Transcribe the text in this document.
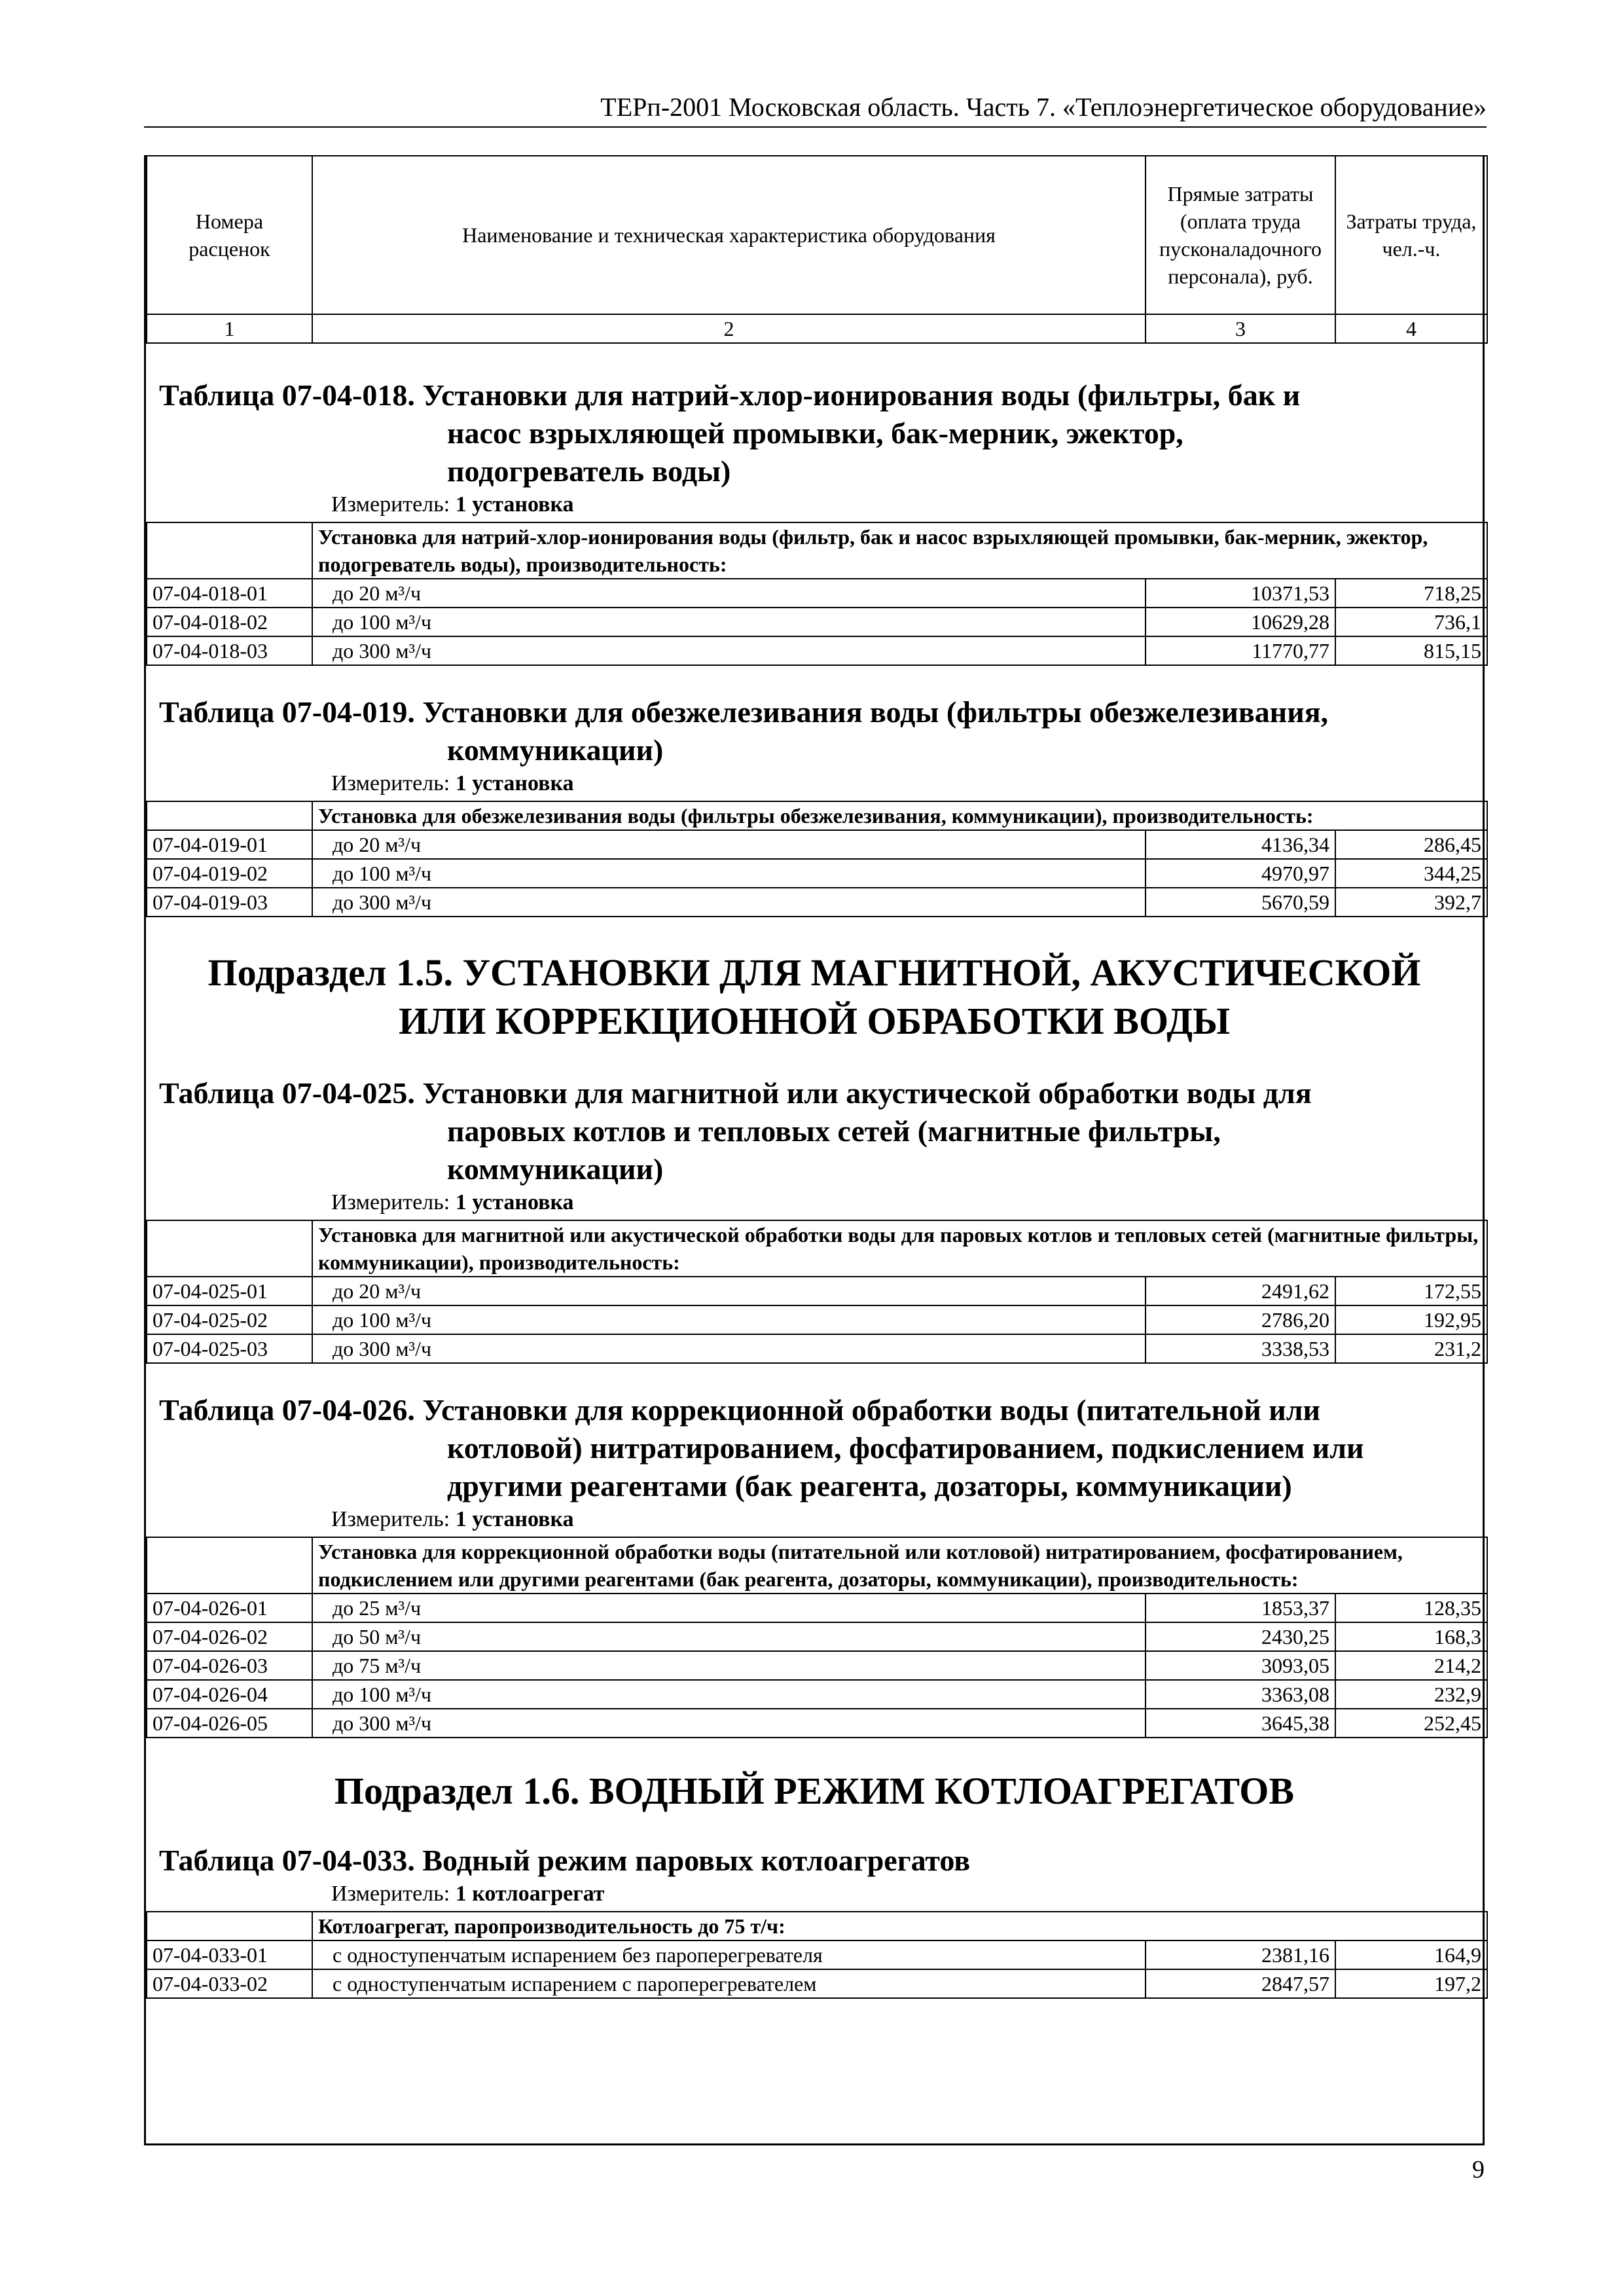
ТЕРп-2001 Московская область. Часть 7. «Теплоэнергетическое оборудование»
Номера расценок	Наименование и техническая характеристика оборудования	Прямые затраты (оплата труда пусконаладочного персонала), руб.	Затраты труда, чел.-ч.
1	2	3	4
Таблица 07-04-018. Установки для натрий-хлор-ионирования воды (фильтры, бак и
насос взрыхляющей промывки, бак-мерник, эжектор,
подогреватель воды)
Измеритель: 1 установка
	Установка для натрий-хлор-ионирования воды (фильтр, бак и насос взрыхляющей промывки, бак-мерник, эжектор, подогреватель воды), производительность:		
07-04-018-01	до 20 м³/ч	10371,53	718,25
07-04-018-02	до 100 м³/ч	10629,28	736,1
07-04-018-03	до 300 м³/ч	11770,77	815,15
Таблица 07-04-019. Установки для обезжелезивания воды (фильтры обезжелезивания,
коммуникации)
Измеритель: 1 установка
	Установка для обезжелезивания воды (фильтры обезжелезивания, коммуникации), производительность:		
07-04-019-01	до 20 м³/ч	4136,34	286,45
07-04-019-02	до 100 м³/ч	4970,97	344,25
07-04-019-03	до 300 м³/ч	5670,59	392,7
Подраздел 1.5. УСТАНОВКИ ДЛЯ МАГНИТНОЙ, АКУСТИЧЕСКОЙ
ИЛИ КОРРЕКЦИОННОЙ ОБРАБОТКИ ВОДЫ
Таблица 07-04-025. Установки для магнитной или акустической обработки воды для
паровых котлов и тепловых сетей (магнитные фильтры,
коммуникации)
Измеритель: 1 установка
	Установка для магнитной или акустической обработки воды для паровых котлов и тепловых сетей (магнитные фильтры, коммуникации), производительность:		
07-04-025-01	до 20 м³/ч	2491,62	172,55
07-04-025-02	до 100 м³/ч	2786,20	192,95
07-04-025-03	до 300 м³/ч	3338,53	231,2
Таблица 07-04-026. Установки для коррекционной обработки воды (питательной или
котловой) нитратированием, фосфатированием, подкислением или
другими реагентами (бак реагента, дозаторы, коммуникации)
Измеритель: 1 установка
	Установка для коррекционной обработки воды (питательной или котловой) нитратированием, фосфатированием, подкислением или другими реагентами (бак реагента, дозаторы, коммуникации), производительность:		
07-04-026-01	до 25 м³/ч	1853,37	128,35
07-04-026-02	до 50 м³/ч	2430,25	168,3
07-04-026-03	до 75 м³/ч	3093,05	214,2
07-04-026-04	до 100 м³/ч	3363,08	232,9
07-04-026-05	до 300 м³/ч	3645,38	252,45
Подраздел 1.6. ВОДНЫЙ РЕЖИМ КОТЛОАГРЕГАТОВ
Таблица 07-04-033. Водный режим паровых котлоагрегатов
Измеритель: 1 котлоагрегат
	Котлоагрегат, паропроизводительность до 75 т/ч:		
07-04-033-01	с одноступенчатым испарением без пароперегревателя	2381,16	164,9
07-04-033-02	с одноступенчатым испарением с пароперегревателем	2847,57	197,2
9
